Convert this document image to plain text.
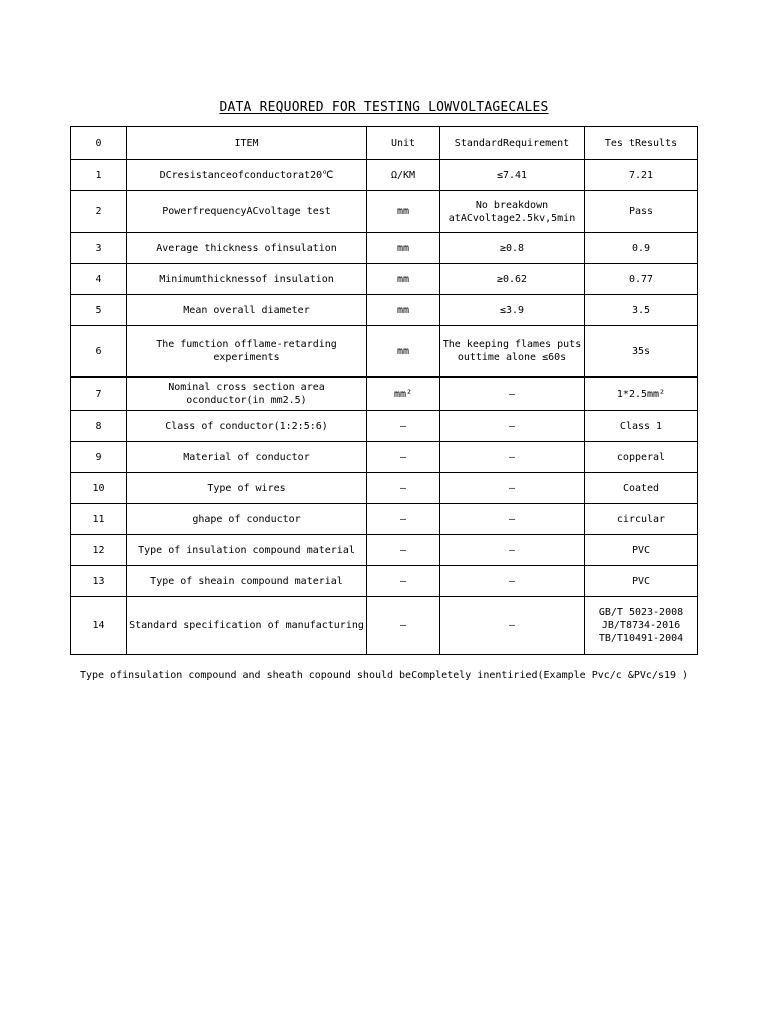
DATA REQUORED FOR TESTING LOWVOLTAGECALES
0	ITEM	Unit	StandardRequirement	Tes tResults
1	DCresistanceofconductorat20℃	Ω/KM	≤7.41	7.21
2	PowerfrequencyACvoltage test	mm	No breakdown atACvoltage2.5kv,5min	Pass
3	Average thickness ofinsulation	mm	≥0.8	0.9
4	Minimumthicknessof insulation	mm	≥0.62	0.77
5	Mean overall diameter	mm	≤3.9	3.5
6	The fumction offlame-retarding experiments	mm	The keeping flames puts outtime alone ≤60s	35s
7	Nominal cross section area oconductor(in mm2.5)	mm²	—	1*2.5mm²
8	Class of conductor(1:2:5:6)	—	—	Class 1
9	Material of conductor	—	—	copperal
10	Type of wires	—	—	Coated
11	ghape of conductor	—	—	circular
12	Type of insulation compound material	—	—	PVC
13	Type of sheain compound material	—	—	PVC
14	Standard specification of manufacturing	—	—	GB/T 5023-2008
JB/T8734-2016
TB/T10491-2004
Type ofinsulation compound and sheath copound should beCompletely inentiried(Example Pvc/c &PVc/s19 )
